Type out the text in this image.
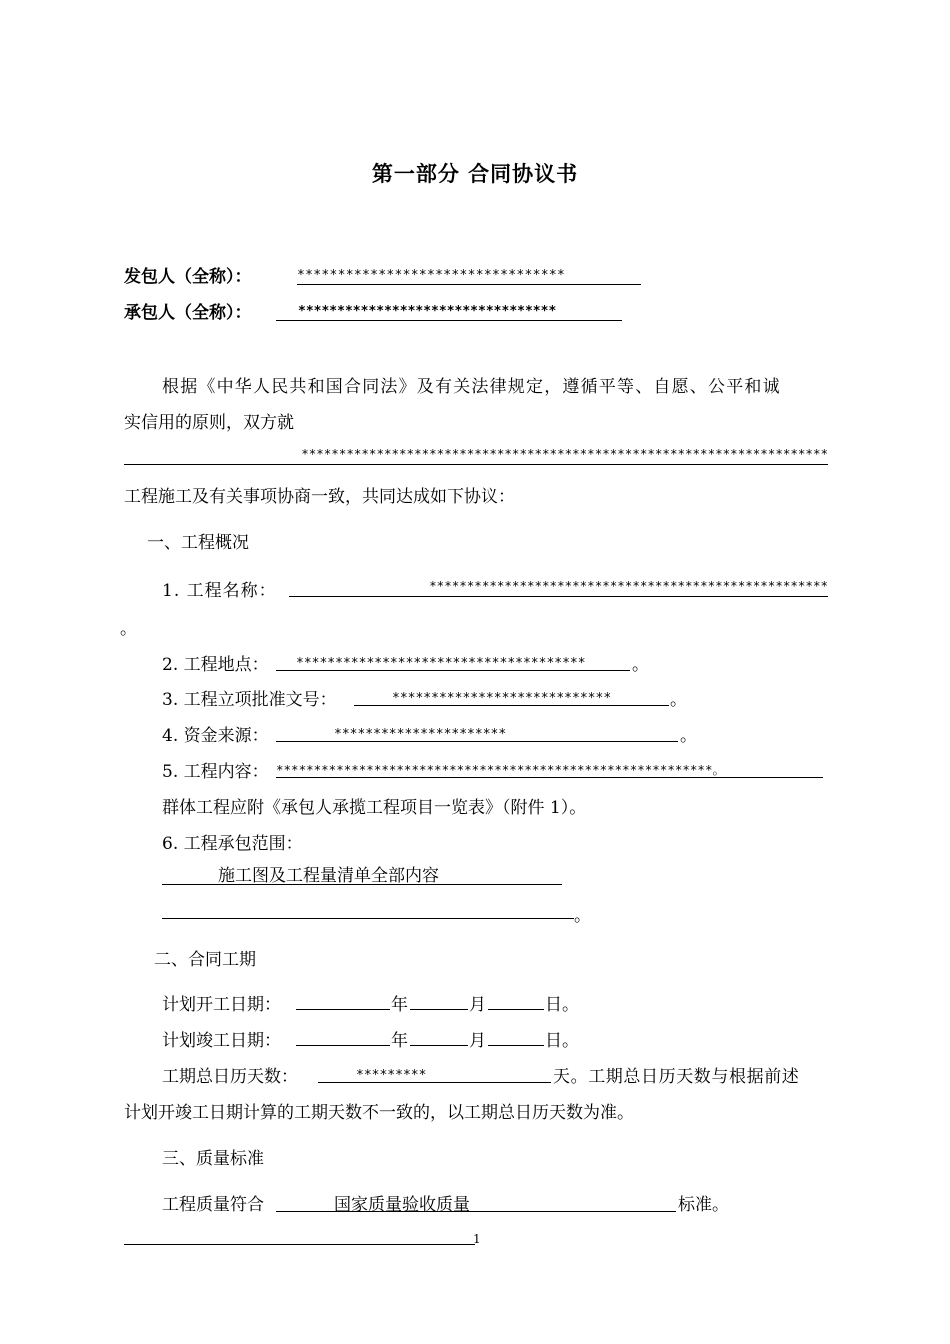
第一部分 合同协议书
发包人（全称）：	*********************************
承包人（全称）：	*********************************
根据《中华人民共和国合同法》及有关法律规定，遵循平等、自愿、公平和诚
实信用的原则，双方就
**********************************************************************
工程施工及有关事项协商一致，共同达成如下协议：
一、工程概况
1. 工程名称：	*****************************************************
。
2. 工程地点：	*************************************	。
3. 工程立项批准文号：	****************************	。
4. 资金来源：	**********************	。
5. 工程内容： **********************************************************。
群体工程应附《承包人承揽工程项目一览表》（附件 1）。
6. 工程承包范围：
施工图及工程量清单全部内容
。
二、合同工期
计划开工日期：	年	月	日。
计划竣工日期：	年	月	日。
工期总日历天数：	*********	天。工期总日历天数与根据前述
计划开竣工日期计算的工期天数不一致的，以工期总日历天数为准。
三、质量标准
工程质量符合	国家质量验收质量	标准。
1
